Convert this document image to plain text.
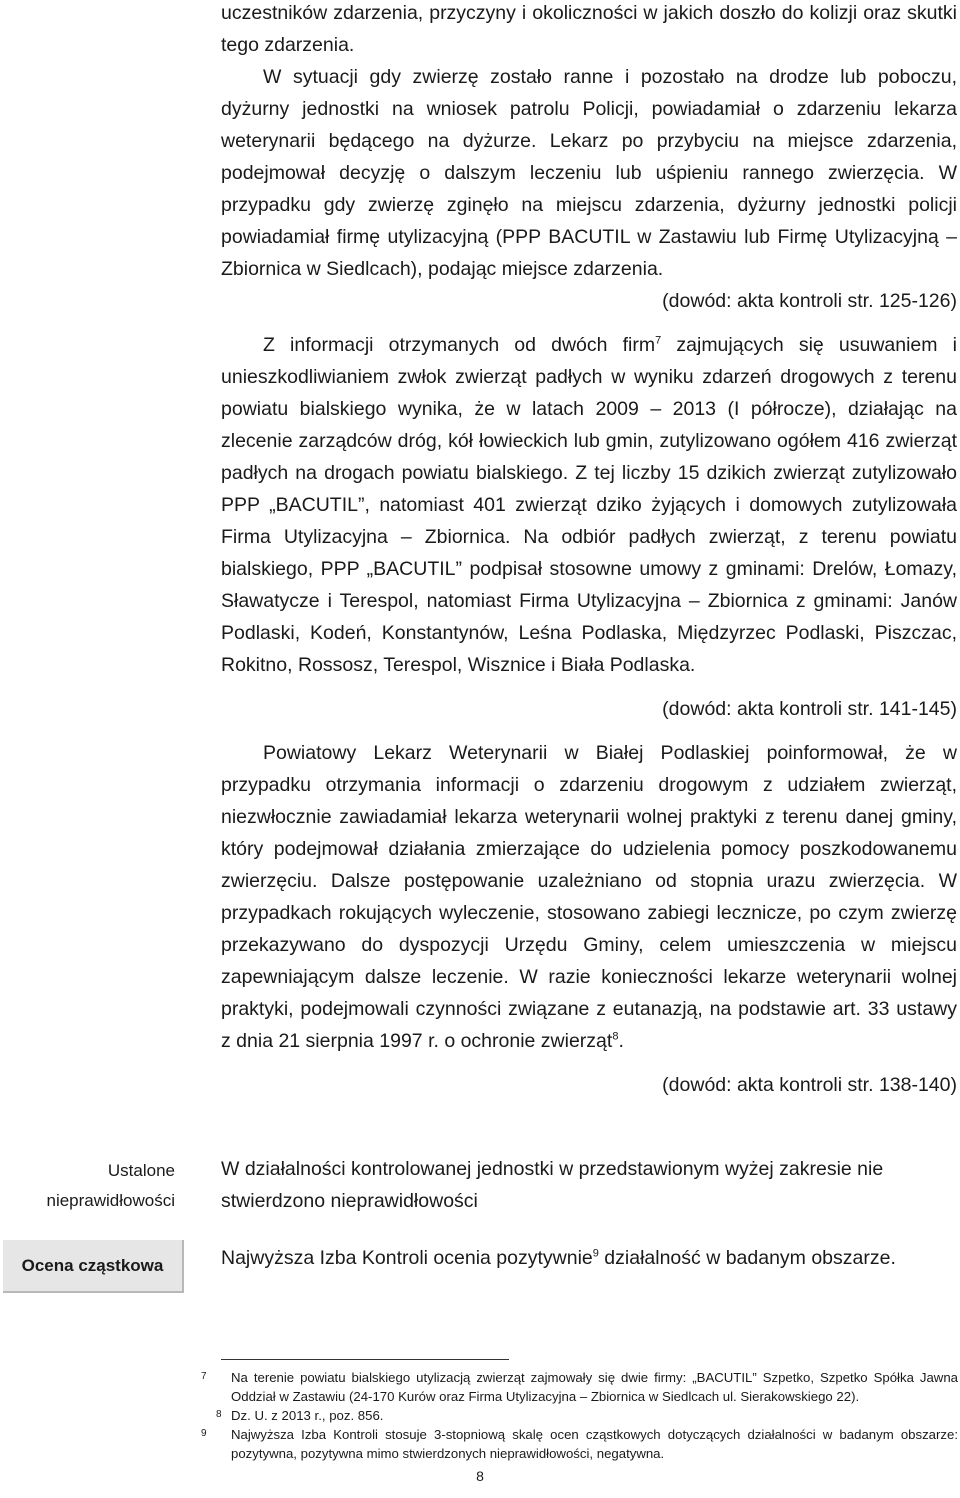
uczestników zdarzenia, przyczyny i okoliczności w jakich doszło do kolizji oraz skutki tego zdarzenia.

W sytuacji gdy zwierzę zostało ranne i pozostało na drodze lub poboczu, dyżurny jednostki na wniosek patrolu Policji, powiadamiał o zdarzeniu lekarza weterynarii będącego na dyżurze. Lekarz po przybyciu na miejsce zdarzenia, podejmował decyzję o dalszym leczeniu lub uśpieniu rannego zwierzęcia. W przypadku gdy zwierzę zginęło na miejscu zdarzenia, dyżurny jednostki policji powiadamiał firmę utylizacyjną (PPP BACUTIL w Zastawiu lub Firmę Utylizacyjną – Zbiornica w Siedlcach), podając miejsce zdarzenia.

(dowód: akta kontroli str. 125-126)

Z informacji otrzymanych od dwóch firm$^7$ zajmujących się usuwaniem i unieszkodliwianiem zwłok zwierząt padłych w wyniku zdarzeń drogowych z terenu powiatu bialskiego wynika, że w latach 2009 – 2013 (I półrocze), działając na zlecenie zarządców dróg, kół łowieckich lub gmin, zutylizowano ogółem 416 zwierząt padłych na drogach powiatu bialskiego. Z tej liczby 15 dzikich zwierząt zutylizowało PPP „BACUTIL”, natomiast 401 zwierząt dziko żyjących i domowych zutylizowała Firma Utylizacyjna – Zbiornica. Na odbiór padłych zwierząt, z terenu powiatu bialskiego, PPP „BACUTIL” podpisał stosowne umowy z gminami: Drelów, Łomazy, Sławatycze i Terespol, natomiast Firma Utylizacyjna – Zbiornica z gminami: Janów Podlaski, Kodeń, Konstantynów, Leśna Podlaska, Międzyrzec Podlaski, Piszczac, Rokitno, Rossosz, Terespol, Wisznice i Biała Podlaska.

(dowód: akta kontroli str. 141-145)

Powiatowy Lekarz Weterynarii w Białej Podlaskiej poinformował, że w przypadku otrzymania informacji o zdarzeniu drogowym z udziałem zwierząt, niezwłocznie zawiadamiał lekarza weterynarii wolnej praktyki z terenu danej gminy, który podejmował działania zmierzające do udzielenia pomocy poszkodowanemu zwierzęciu. Dalsze postępowanie uzależniano od stopnia urazu zwierzęcia. W przypadkach rokujących wyleczenie, stosowano zabiegi lecznicze, po czym zwierzę przekazywano do dyspozycji Urzędu Gminy, celem umieszczenia w miejscu zapewniającym dalsze leczenie. W razie konieczności lekarze weterynarii wolnej praktyki, podejmowali czynności związane z eutanazją, na podstawie art. 33 ustawy z dnia 21 sierpnia 1997 r. o ochronie zwierząt$^8$.

(dowód: akta kontroli str. 138-140)

Ustalone
nieprawidłowości
W działalności kontrolowanej jednostki w przedstawionym wyżej zakresie nie stwierdzono nieprawidłowości
Ocena cząstkowa	Najwyższa Izba Kontroli ocenia pozytywnie$^9$ działalność w badanym obszarze.

7 Na terenie powiatu bialskiego utylizacją zwierząt zajmowały się dwie firmy: „BACUTIL” Szpetko, Szpetko Spółka Jawna Oddział w Zastawiu (24-170 Kurów oraz Firma Utylizacyjna – Zbiornica w Siedlcach ul. Sierakowskiego 22).

8 Dz. U. z 2013 r., poz. 856.

9 Najwyższa Izba Kontroli stosuje 3-stopniową skalę ocen cząstkowych dotyczących działalności w badanym obszarze: pozytywna, pozytywna mimo stwierdzonych nieprawidłowości, negatywna.

8
